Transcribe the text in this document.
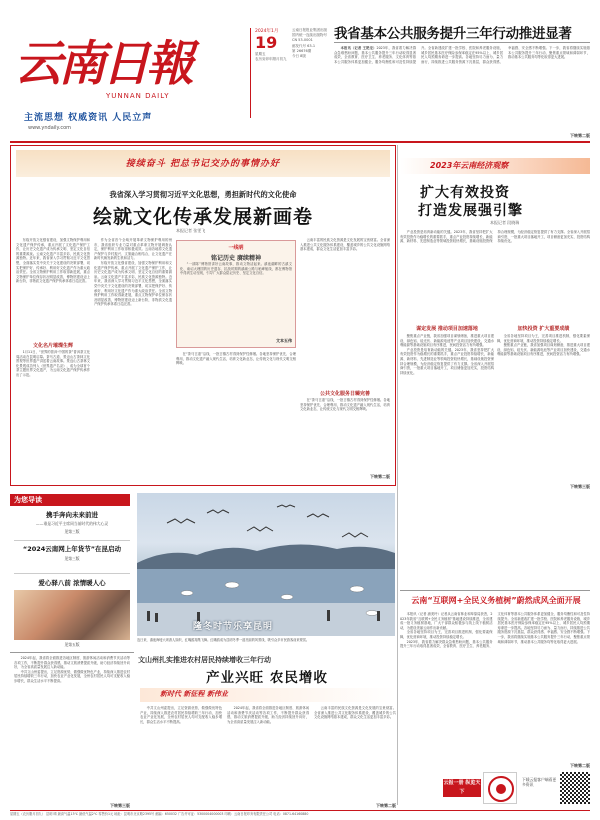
云南日報
YUNNAN DAILY
主流思想 权威资讯 人民立声
www.yndaily.com
2024年1月
19
星期五
农历癸卯年腊月初九
云南日报报业集团出版
国内统一连续出版物号
CN 53-0001
邮发代号 63-1
第 26676期
今日 8版
我省基本公共服务提升三年行动推进显著

本报讯（记者 王艳龙）2023年，我省着力解决群众急难愁盼问题，基本公共服务提升三年行动取得显著成效，全省教育、医疗卫生、养老服务、文化体育等基本公共服务体系更加健全，服务均衡性和可及性持续提升。全省新建改扩建一批学校、医院和养老服务设施，城乡居民基本医疗保险参保率稳定在95%以上，城乡居民人均预期寿命进一步提高。各地坚持尽力而为、量力而行，持续推进公共服务资源下沉基层，群众获得感、幸福感、安全感不断增强。下一步，我省将继续实施基本公共服务提升三年行动，聚焦重点领域和薄弱环节，推动基本公共服务均等化取得更大进展。

下转第二版
接续奋斗 把总书记交办的事情办好
我省深入学习贯彻习近平文化思想，勇担新时代的文化使命
绘就文化传承发展新画卷
本报记者 张雯飞

东临开放文化强省建设，加强文物保护利用和文化遗产保护传承，重点开展了文化遗产保护工作，让历史文化遗产成为传承文明、坚定文化自信的重要源泉。云南文化遗产丰富多彩，民族文化资源独特。近年来，我省深入学习贯彻习近平文化思想，全面落实党中央关于文化建设的决策部署，切实把保护好、传承好、利用好文化遗产作为重大政治责任。全省文物保护利用工作取得新进展，重点文物保护单位保存状况明显改善，博物馆建设迈上新台阶，非物质文化遗产保护传承体系日趋完善。

文化名片璀璨生辉

1月11日，“世界的普洱·中国的茶”普洱茶文化周活动在昆明启幕。茶马古道、景迈山古茶林文化景观等世界遗产讲述着云南故事。景迈山古茶林文化景观成功列入《世界遗产名录》，成为全球首个茶主题世界文化遗产，为云南文化遗产保护传承作出了示范。

作为全省首个全域开展革命文物保护利用的州市，我省组织专业力量对重点革命文物开展调查认定，保护利用工作取得积极成效。云南各地将文化遗产保护与乡村振兴、文旅融合相结合，让文化遗产在新时代焕发新的生机和活力。

东临开放文化强省建设，加强文物保护利用和文化遗产保护传承，重点开展了文化遗产保护工作，让历史文化遗产成为传承文明、坚定文化自信的重要源泉。云南文化遗产丰富多彩，民族文化资源独特。近年来，我省深入学习贯彻习近平文化思想，全面落实党中央关于文化建设的决策部署，切实把保护好、传承好、利用好文化遗产作为重大政治责任。全省文物保护利用工作取得新进展，重点文物保护单位保存状况明显改善，博物馆建设迈上新台阶，非物质文化遗产保护传承体系日趋完善。

一线明
铭记历史 赓续精神

“一部陈”博物馆讲好云南故事，推动文物活起来。滇池湖畔的古滇文化、南诏大理国的历史遗存、抗战时期的滇缅公路与驼峰航线，都在博物馆中得到生动呈现，引导广大群众铭记历史、坚定文化自信。

文本五伟

在“茶马古道”沿线，一批古镇古村得到保护性修缮。各地坚持保护优先、合理利用，推动文化遗产融入现代生活，培育文化新业态，让传统文化与现代文明交相辉映。

云南丰富的民族文化资源是文化发展的宝贵财富。全省深入推进公共文化服务体系建设，覆盖城乡的公共文化设施网络基本建成，群众文化生活更加丰富多彩。

公共文化服务日臻完善

在“茶马古道”沿线，一批古镇古村得到保护性修缮。各地坚持保护优先、合理利用，推动文化遗产融入现代生活，培育文化新业态，让传统文化与现代文明交相辉映。

下转第二版
2023年云南经济观察
扩大有效投资
打造发展强引擎
本报记者 段晓瑞

产业投资是培育新动能的关键。2023年，我省坚持把扩大有效投资作为稳增长的重要抓手，重点产业投资持续增长，新能源、新材料、先进制造业等领域投资较快增长，基础设施投资保持合理规模，为经济稳定恢复提供了有力支撑。全省深入开展招商引资，一批重大项目落地开工，项目储备更加充实，投资结构持续优化。

谋定发展 推动项目加速落地

聚焦重点产业链，我省加强项目谋划储备，推进重大项目建设，绿色铝、硅光伏、新能源电池等产业项目加快建设，交通水利能源等基础设施项目有序推进，民间投资活力有所增强。

产业投资是培育新动能的关键。2023年，我省坚持把扩大有效投资作为稳增长的重要抓手，重点产业投资持续增长，新能源、新材料、先进制造业等领域投资较快增长，基础设施投资保持合理规模，为经济稳定恢复提供了有力支撑。全省深入开展招商引资，一批重大项目落地开工，项目储备更加充实，投资结构持续优化。

加快投资 扩大重要成绩

全省各地坚持项目为王，完善项目推进机制，强化要素保障，优化营商环境，推动投资持续稳定增长。

聚焦重点产业链，我省加强项目谋划储备，推进重大项目建设，绿色铝、硅光伏、新能源电池等产业项目加快建设，交通水利能源等基础设施项目有序推进，民间投资活力有所增强。

下转第三版
为您导读
携手奔向未来前进
——谁是习近平主席同当前时代的伟大心灵
见第三版
“2024云南网上年货节”在昆启动
见第三版
爱心驿八前 浓情暖人心
见第五版

2024年起，我省将全面推进各地区制度、旅游休闲活动和消费节庆活动等各项工作，不断提升群众获得感，推动文旅消费提质升级，助力经济持续回升向好，为全省高质量发展注入新动能。

中共文山州委提出，立足资源优势，做强做优特色产业，持续深入推进农村居民持续增收三年行动，加快农业产业化发展，全州农村居民人均可支配收入稳步增长，群众生活水平不断提高。

下转第三版
隆冬时节乐享昆明
连日来，滇池海埂大坝游人如织，红嘴鸥翔集飞舞。红嘴鸥成为昆明冬季一道亮丽的风景线，吸引众多市民游客前来观赏。
文山州扎实推进农村居民持续增收三年行动
产业兴旺 农民增收
新时代 新征程 新伟业

中共文山州委提出，立足资源优势，做强做优特色产业，持续深入推进农村居民持续增收三年行动，加快农业产业化发展，全州农村居民人均可支配收入稳步增长，群众生活水平不断提高。

2024年起，我省将全面推进各地区制度、旅游休闲活动和消费节庆活动等各项工作，不断提升群众获得感，推动文旅消费提质升级，助力经济持续回升向好，为全省高质量发展注入新动能。

云南丰富的民族文化资源是文化发展的宝贵财富。全省深入推进公共文化服务体系建设，覆盖城乡的公共文化设施网络基本建成，群众文化生活更加丰富多彩。

下转第二版
云南“互联网+全民义务植树”蔚然成风全面开展

本报讯（记者 浦美玲）记者从云南省林业和草原局获悉，2023年我省“互联网+全民义务植树”基地建设持续推进，全省建成一批义务植树基地，广大干部群众积极参与线上线下植树活动，为建设美丽云南作出新贡献。

全省各地坚持项目为王，完善项目推进机制，强化要素保障，优化营商环境，推动投资持续稳定增长。

2023年，我省着力解决群众急难愁盼问题，基本公共服务提升三年行动取得显著成效，全省教育、医疗卫生、养老服务、文化体育等基本公共服务体系更加健全，服务均衡性和可及性持续提升。全省新建改扩建一批学校、医院和养老服务设施，城乡居民基本医疗保险参保率稳定在95%以上，城乡居民人均预期寿命进一步提高。各地坚持尽力而为、量力而行，持续推进公共服务资源下沉基层，群众获得感、幸福感、安全感不断增强。下一步，我省将继续实施基本公共服务提升三年行动，聚焦重点领域和薄弱环节，推动基本公共服务均等化取得更大进展。

下转第二版
云报一册 纵览天下
下载云报客户端看更多资讯
星期五（农历腊月初九） 昆明 晴 最高气温13℃ 最低气温2℃ 零售价1元 地址：昆明市北京路2395号 邮编：650032 广告许可证：5300004000003 印刷：云南日报印务有限责任公司 电话：0871-64160880
